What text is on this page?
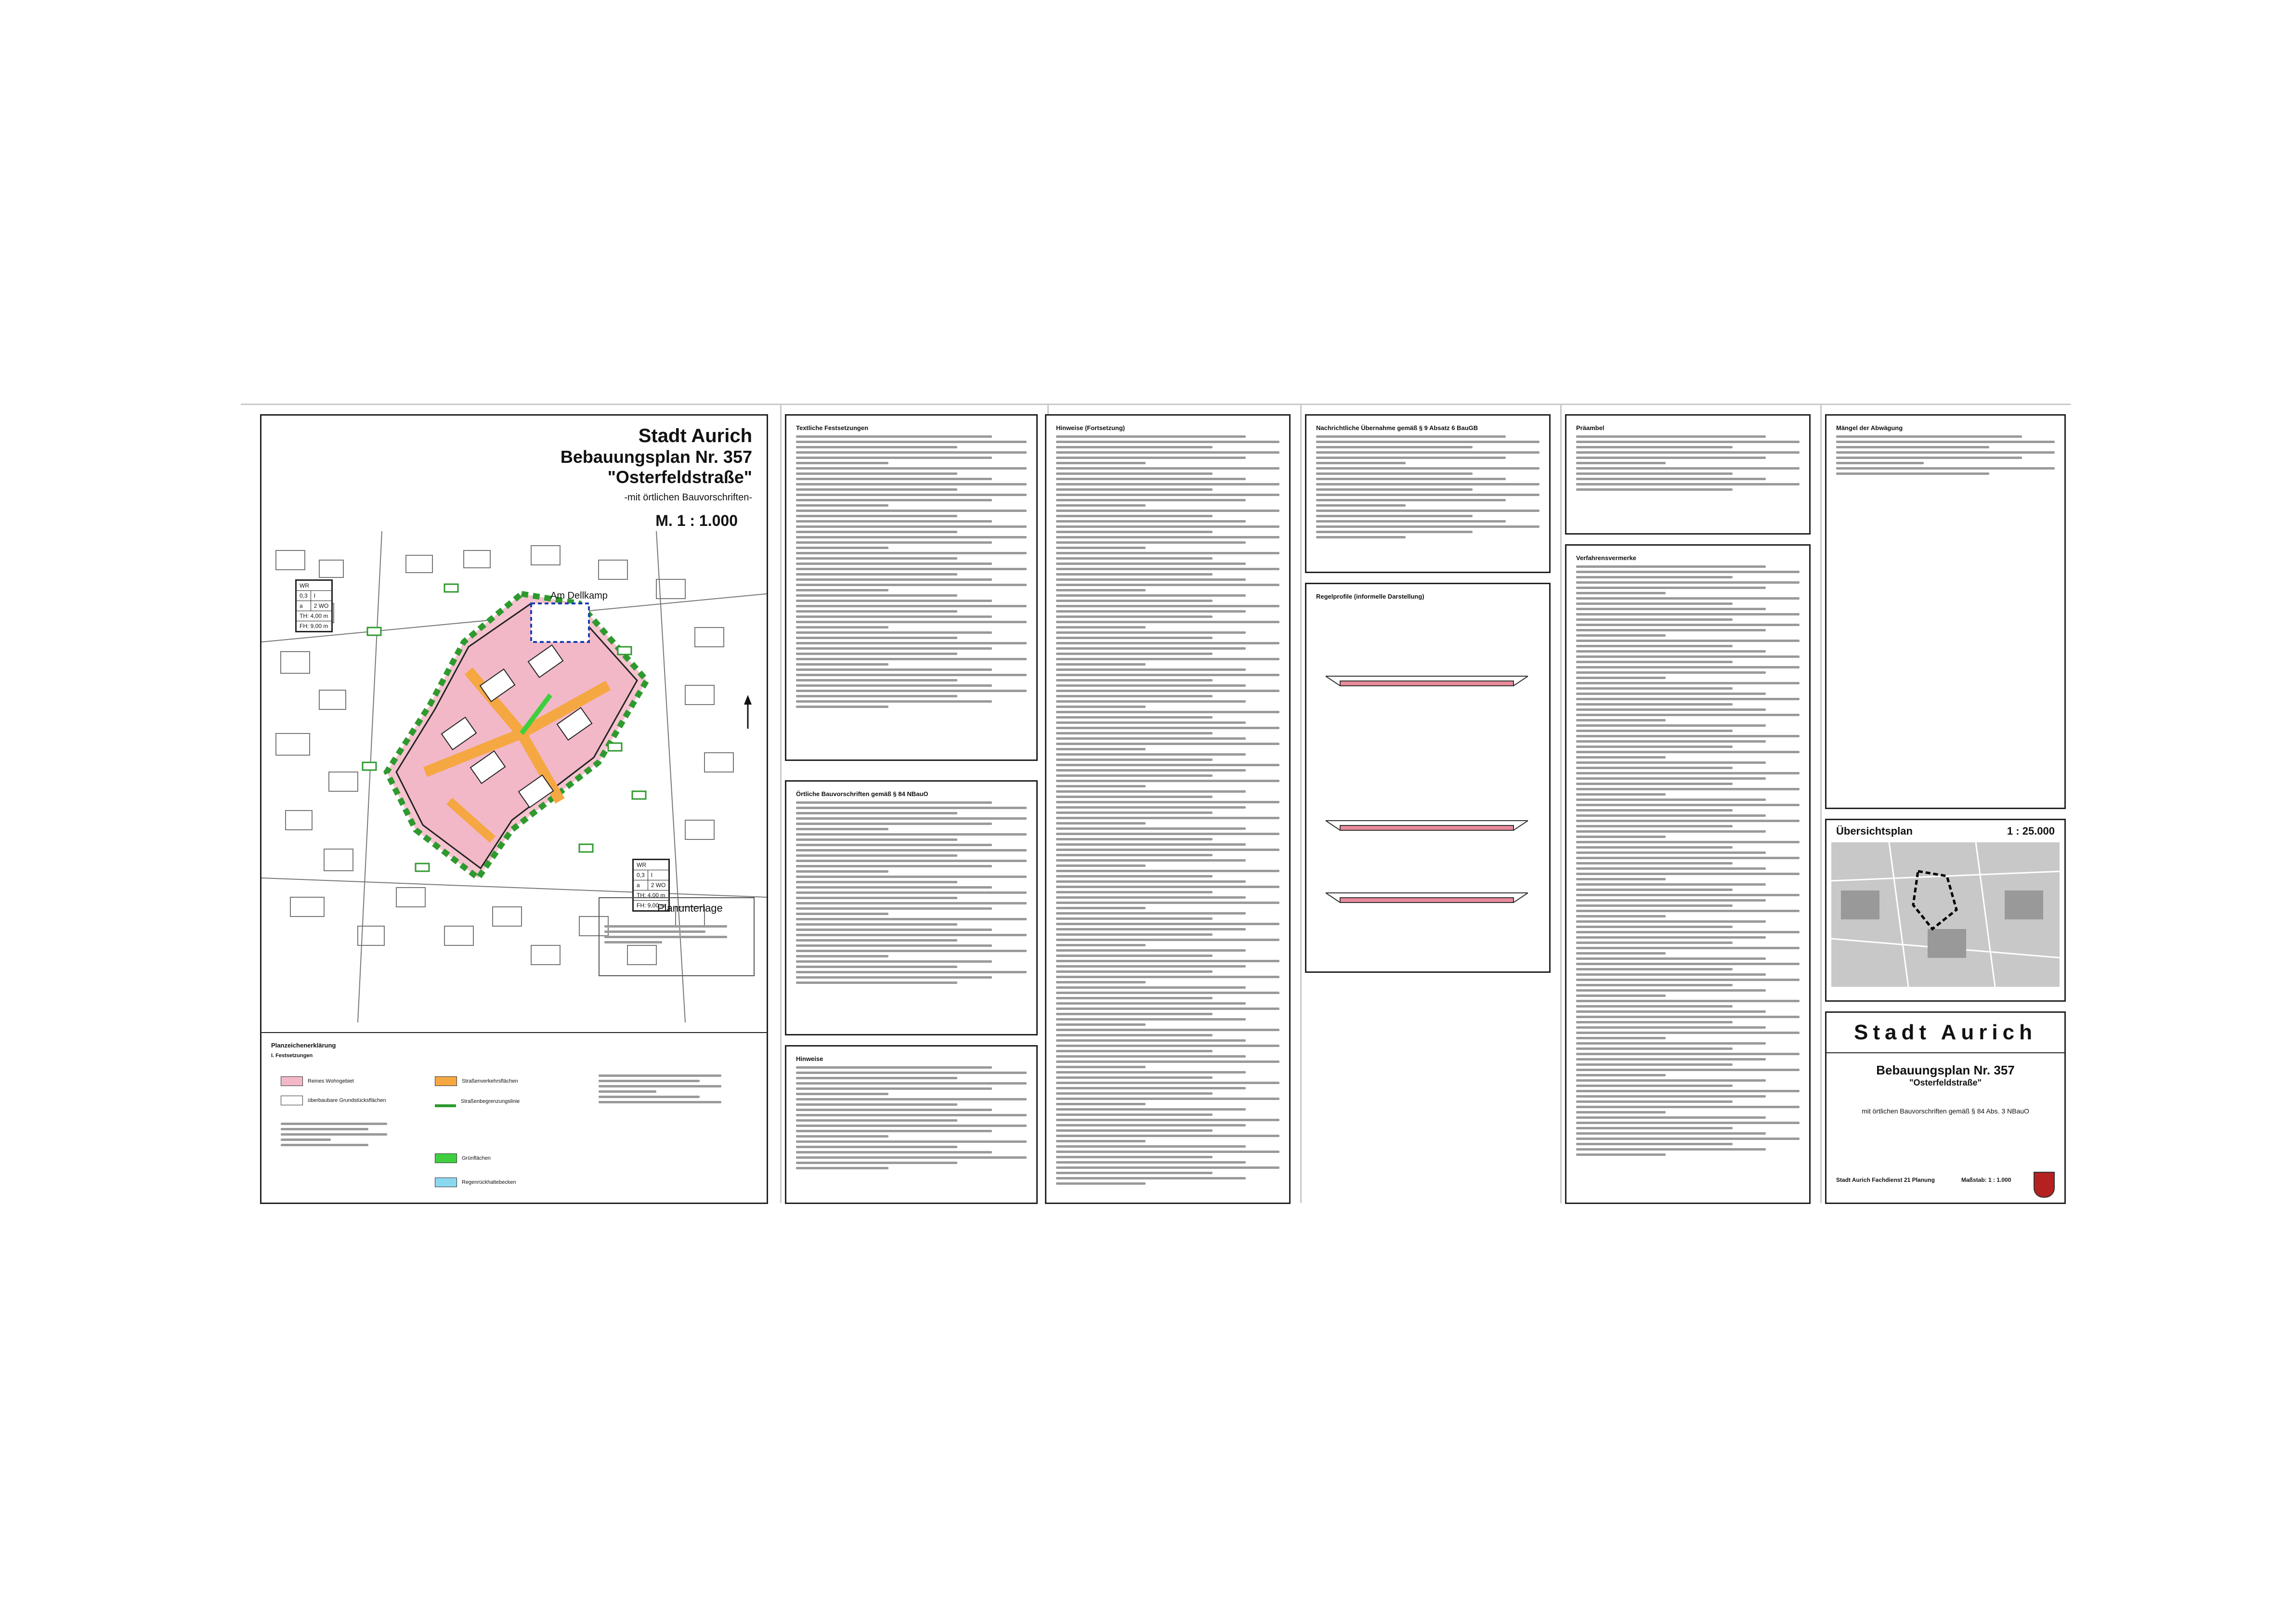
Stadt Aurich
Bebauungsplan Nr. 357
"Osterfeldstraße"
-mit örtlichen Bauvorschriften-
M. 1 : 1.000
Am Dellkamp
WR	
0,3	I
a	2 WO
TH: 4,00 m	
FH: 9,00 m	
WR	
0,3	I
a	2 WO
TH: 4,00 m	
FH: 9,00 m	
Planunterlage
Planzeichenerklärung
I. Festsetzungen
Reines Wohngebiet
überbaubare Grundstücksflächen
Straßenverkehrsflächen
Straßenbegrenzungslinie
Grünflächen
Regenrückhaltebecken
Textliche Festsetzungen
Örtliche Bauvorschriften gemäß § 84 NBauO
Hinweise
Hinweise (Fortsetzung)	Nachrichtliche Übernahme gemäß § 9 Absatz 6 BauGB
Regelprofile (informelle Darstellung)
Präambel
Verfahrensvermerke
Mängel der Abwägung
Übersichtsplan	1 : 25.000
Stadt Aurich
Bebauungsplan Nr. 357
"Osterfeldstraße"
mit örtlichen Bauvorschriften gemäß § 84 Abs. 3 NBauO
Stadt Aurich Fachdienst 21 Planung	Maßstab: 1 : 1.000
